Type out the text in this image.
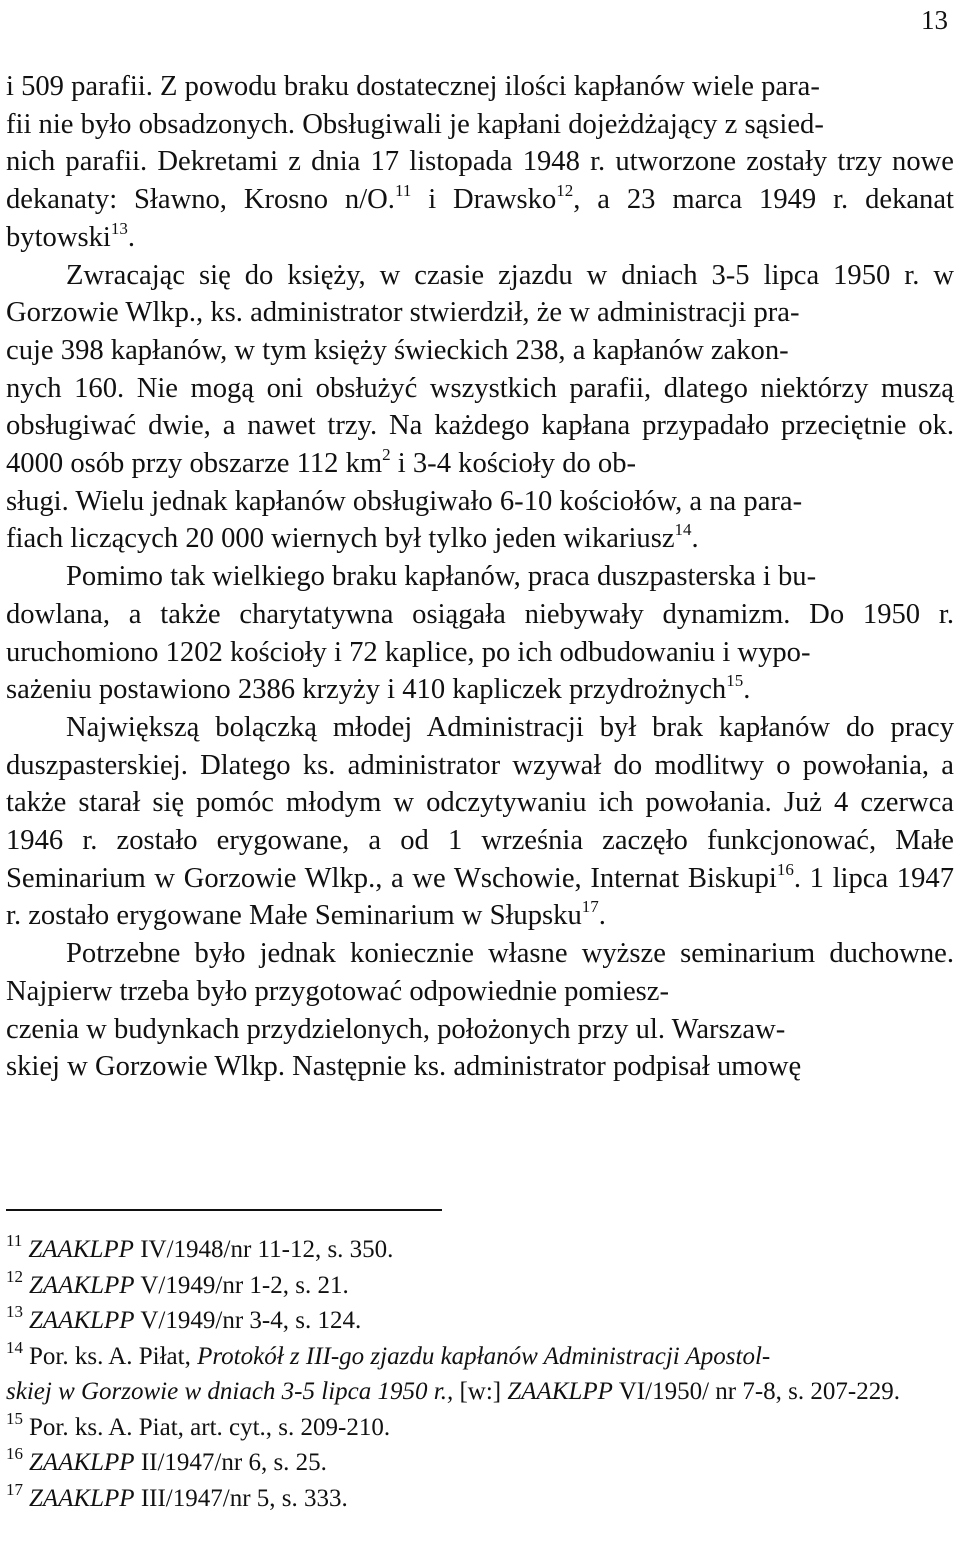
13

i 509 parafii. Z powodu braku dostatecznej ilości kapłanów wiele para-
fii nie było obsadzonych. Obsługiwali je kapłani dojeżdżający z sąsied-
nich parafii. Dekretami z dnia 17 listopada 1948 r. utworzone zostały trzy nowe dekanaty: Sławno, Krosno n/O.$^{11}$ i Drawsko$^{12}$, a 23 marca 1949 r. dekanat bytowski$^{13}$.

Zwracając się do księży, w czasie zjazdu w dniach 3-5 lipca 1950 r. w Gorzowie Wlkp., ks. administrator stwierdził, że w administracji pra-
cuje 398 kapłanów, w tym księży świeckich 238, a kapłanów zakon-
nych 160. Nie mogą oni obsłużyć wszystkich parafii, dlatego niektórzy muszą obsługiwać dwie, a nawet trzy. Na każdego kapłana przypadało przeciętnie ok. 4000 osób przy obszarze 112 $km^2$ i 3-4 kościoły do ob-
sługi. Wielu jednak kapłanów obsługiwało 6-10 kościołów, a na para-
fiach liczących 20 000 wiernych był tylko jeden wikariusz$^{14}$.

Pomimo tak wielkiego braku kapłanów, praca duszpasterska i bu-
dowlana, a także charytatywna osiągała niebywały dynamizm. Do 1950 r. uruchomiono 1202 kościoły i 72 kaplice, po ich odbudowaniu i wypo-
sażeniu postawiono 2386 krzyży i 410 kapliczek przydrożnych$^{15}$.

Największą bolączką młodej Administracji był brak kapłanów do pracy duszpasterskiej. Dlatego ks. administrator wzywał do modlitwy o powołania, a także starał się pomóc młodym w odczytywaniu ich powołania. Już 4 czerwca 1946 r. zostało erygowane, a od 1 września zaczęło funkcjonować, Małe Seminarium w Gorzowie Wlkp., a we Wschowie, Internat Biskupi$^{16}$. 1 lipca 1947 r. zostało erygowane Małe Seminarium w Słupsku$^{17}$.

Potrzebne było jednak koniecznie własne wyższe seminarium duchowne. Najpierw trzeba było przygotować odpowiednie pomiesz-
czenia w budynkach przydzielonych, położonych przy ul. Warszaw-
skiej w Gorzowie Wlkp. Następnie ks. administrator podpisał umowę

$^{11}$ ZAAKLPP IV/1948/nr 11-12, s. 350.

$^{12}$ ZAAKLPP V/1949/nr 1-2, s. 21.

$^{13}$ ZAAKLPP V/1949/nr 3-4, s. 124.

$^{14}$ Por. ks. A. Piłat, Protokół z III-go zjazdu kapłanów Administracji Apostol-
skiej w Gorzowie w dniach 3-5 lipca 1950 r., [w:] ZAAKLPP VI/1950/ nr 7-8, s. 207-229.

$^{15}$ Por. ks. A. Piat, art. cyt., s. 209-210.

$^{16}$ ZAAKLPP II/1947/nr 6, s. 25.

$^{17}$ ZAAKLPP III/1947/nr 5, s. 333.
